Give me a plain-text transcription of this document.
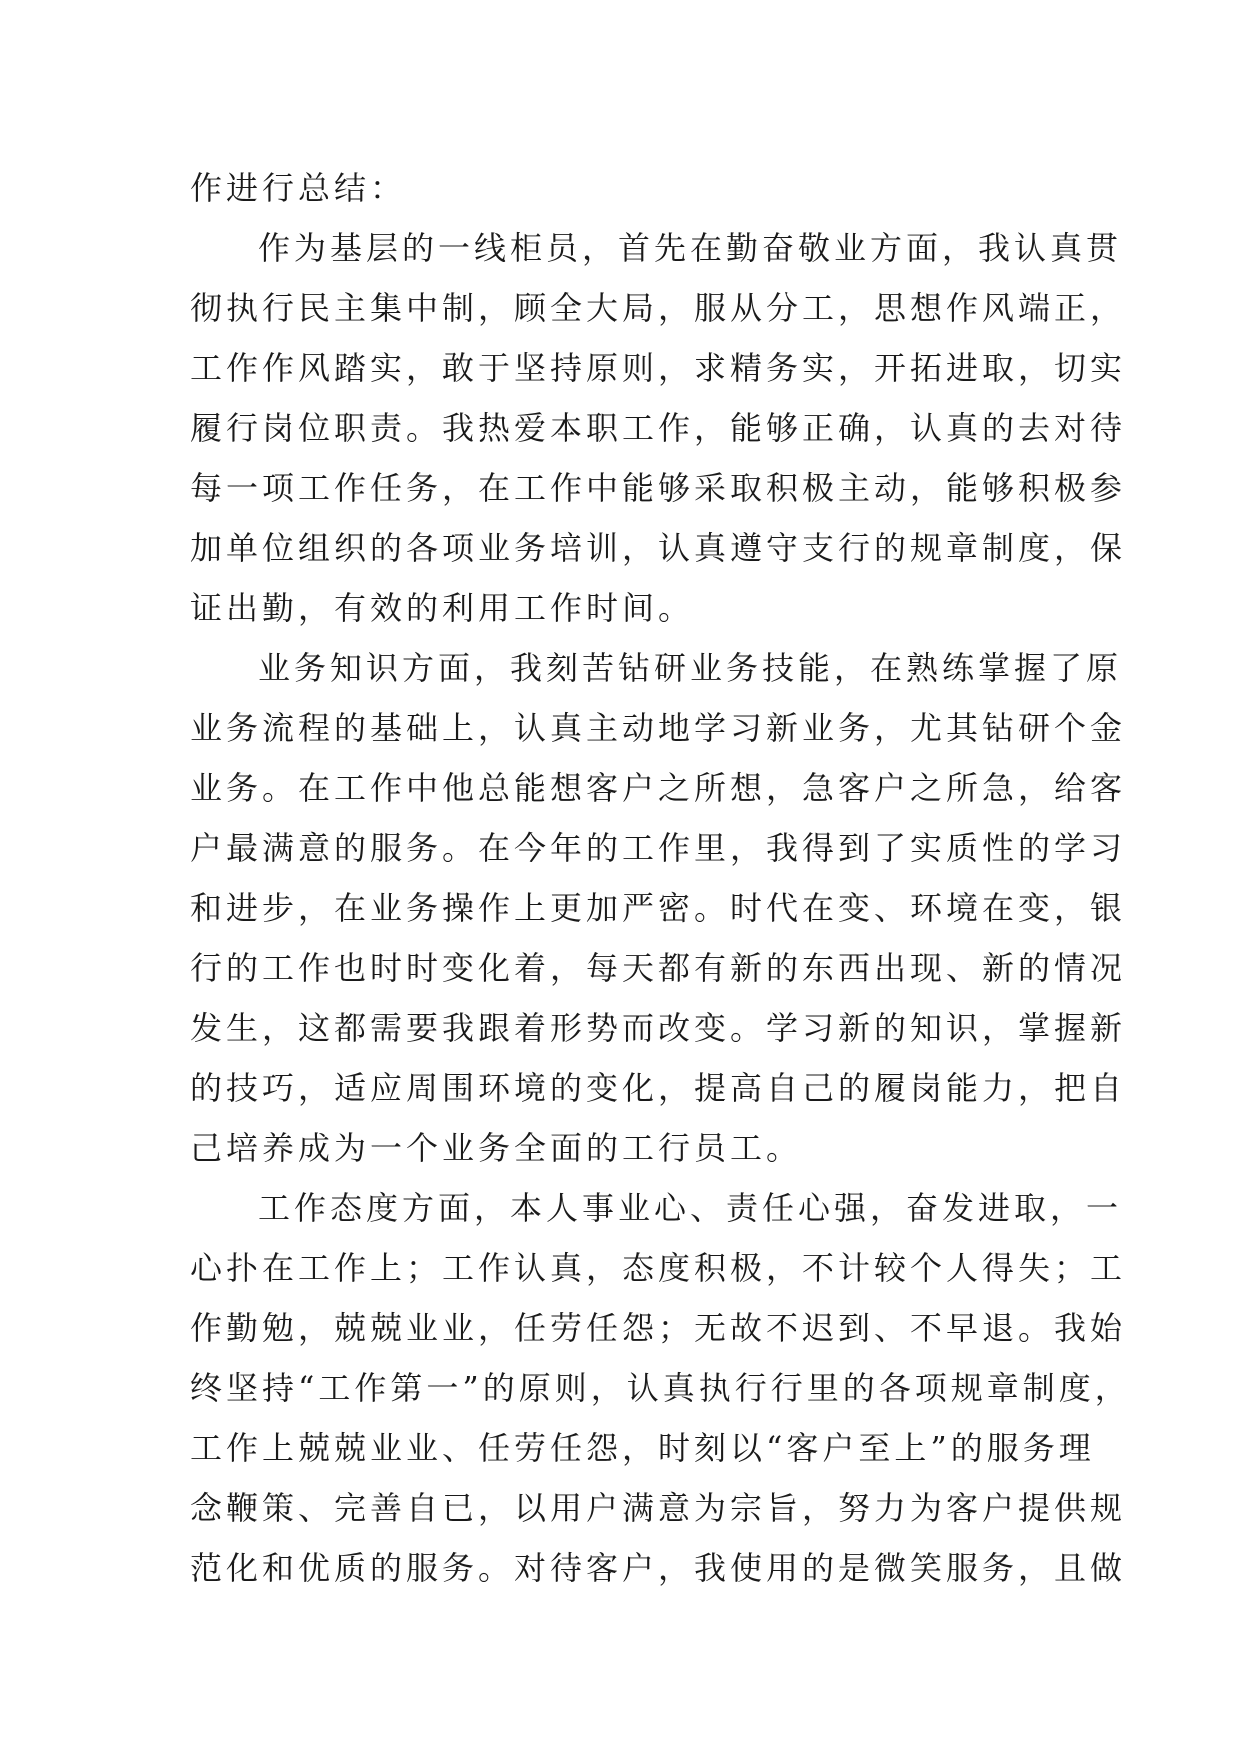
作进行总结：
作为基层的一线柜员，首先在勤奋敬业方面，我认真贯
彻执行民主集中制，顾全大局，服从分工，思想作风端正，
工作作风踏实，敢于坚持原则，求精务实，开拓进取，切实
履行岗位职责。我热爱本职工作，能够正确，认真的去对待
每一项工作任务，在工作中能够采取积极主动，能够积极参
加单位组织的各项业务培训，认真遵守支行的规章制度，保
证出勤，有效的利用工作时间。
业务知识方面，我刻苦钻研业务技能，在熟练掌握了原
业务流程的基础上，认真主动地学习新业务，尤其钻研个金
业务。在工作中他总能想客户之所想，急客户之所急，给客
户最满意的服务。在今年的工作里，我得到了实质性的学习
和进步，在业务操作上更加严密。时代在变、环境在变，银
行的工作也时时变化着，每天都有新的东西出现、新的情况
发生，这都需要我跟着形势而改变。学习新的知识，掌握新
的技巧，适应周围环境的变化，提高自己的履岗能力，把自
己培养成为一个业务全面的工行员工。
工作态度方面，本人事业心、责任心强，奋发进取，一
心扑在工作上；工作认真，态度积极，不计较个人得失；工
作勤勉，兢兢业业，任劳任怨；无故不迟到、不早退。我始
终坚持“工作第一”的原则，认真执行行里的各项规章制度，
工作上兢兢业业、任劳任怨，时刻以“客户至上”的服务理
念鞭策、完善自已，以用户满意为宗旨，努力为客户提供规
范化和优质的服务。对待客户，我使用的是微笑服务，且做
